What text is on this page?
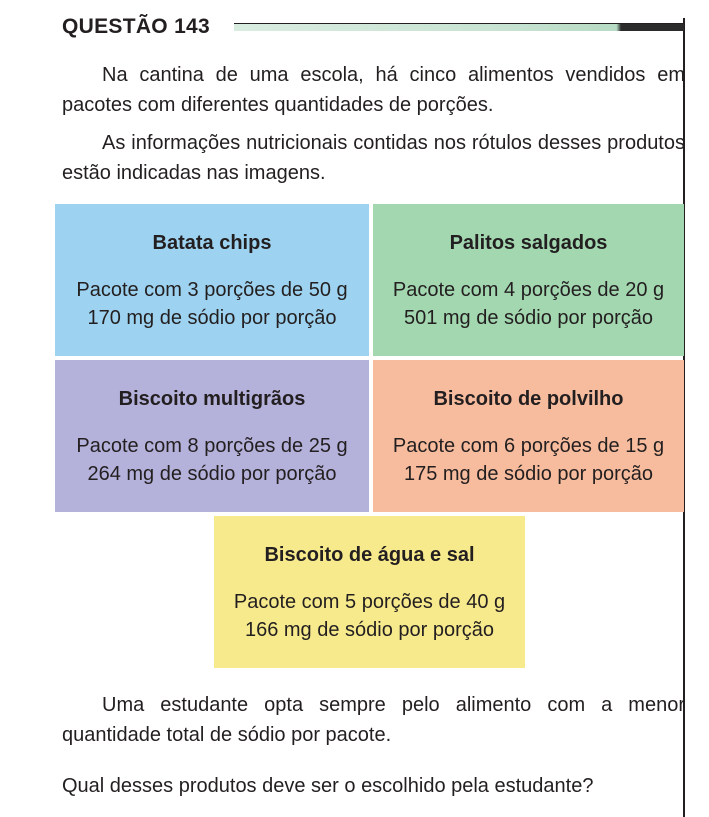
QUESTÃO 143

Na cantina de uma escola, há cinco alimentos vendidos em pacotes com diferentes quantidades de porções.

As informações nutricionais contidas nos rótulos desses produtos estão indicadas nas imagens.

Batata chips
Pacote com 3 porções de 50 g
170 mg de sódio por porção
Palitos salgados
Pacote com 4 porções de 20 g
501 mg de sódio por porção
Biscoito multigrãos
Pacote com 8 porções de 25 g
264 mg de sódio por porção
Biscoito de polvilho
Pacote com 6 porções de 15 g
175 mg de sódio por porção
Biscoito de água e sal
Pacote com 5 porções de 40 g
166 mg de sódio por porção

Uma estudante opta sempre pelo alimento com a menor quantidade total de sódio por pacote.

Qual desses produtos deve ser o escolhido pela estudante?
